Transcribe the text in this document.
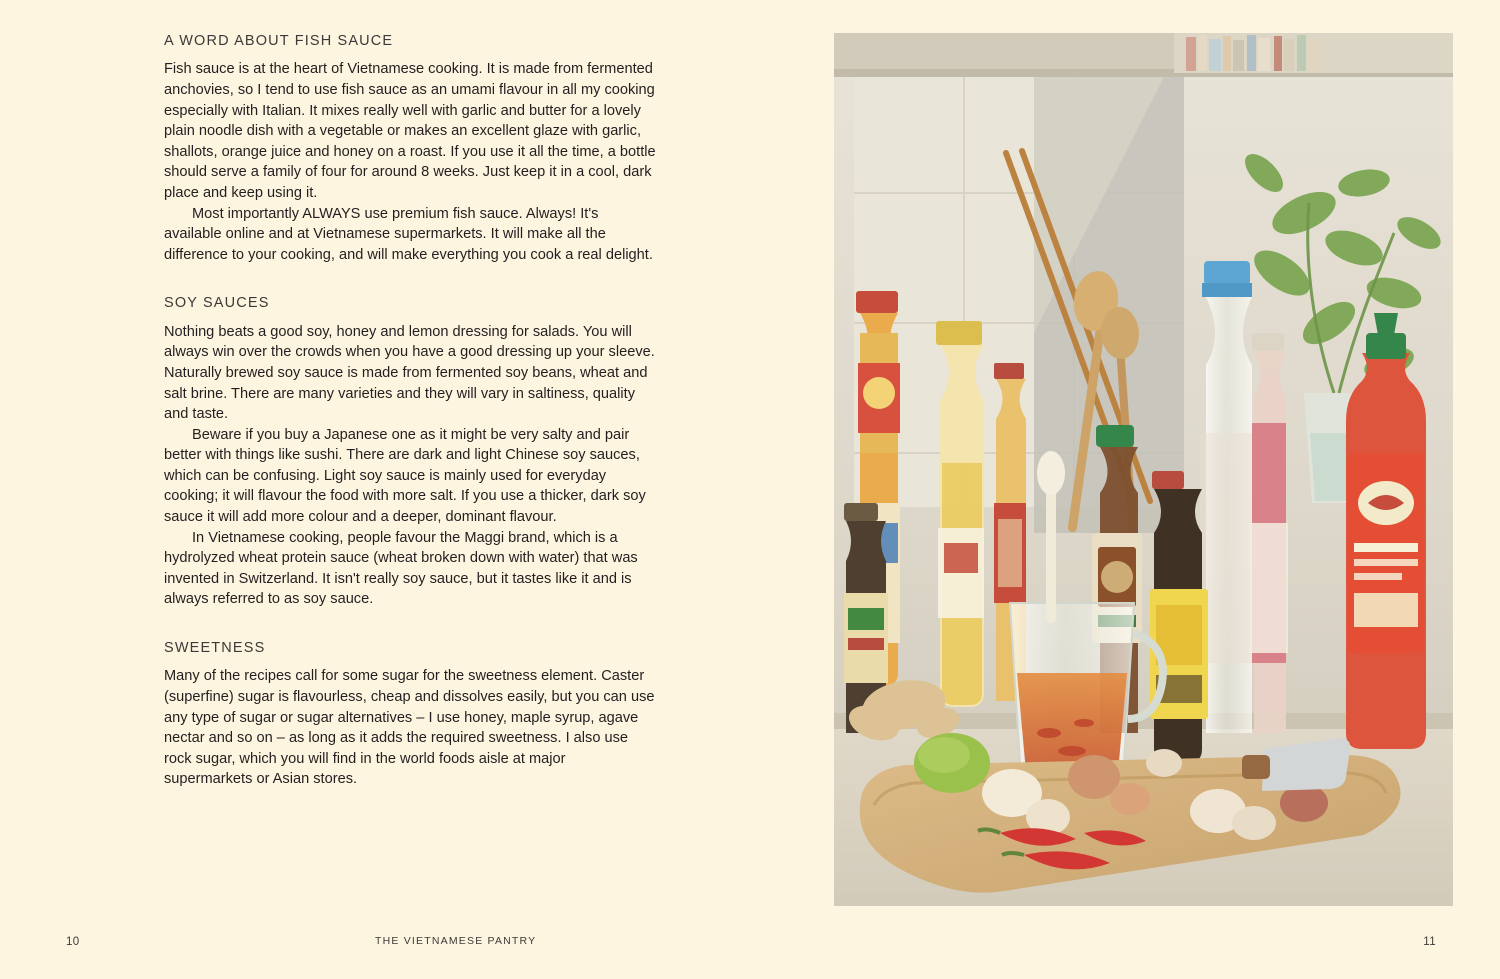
A WORD ABOUT FISH SAUCE

Fish sauce is at the heart of Vietnamese cooking. It is made from fermented anchovies, so I tend to use fish sauce as an umami flavour in all my cooking especially with Italian. It mixes really well with garlic and butter for a lovely plain noodle dish with a vegetable or makes an excellent glaze with garlic, shallots, orange juice and honey on a roast. If you use it all the time, a bottle should serve a family of four for around 8 weeks. Just keep it in a cool, dark place and keep using it.

Most importantly ALWAYS use premium fish sauce. Always! It's available online and at Vietnamese supermarkets. It will make all the difference to your cooking, and will make everything you cook a real delight.

SOY SAUCES

Nothing beats a good soy, honey and lemon dressing for salads. You will always win over the crowds when you have a good dressing up your sleeve. Naturally brewed soy sauce is made from fermented soy beans, wheat and salt brine. There are many varieties and they will vary in saltiness, quality and taste.

Beware if you buy a Japanese one as it might be very salty and pair better with things like sushi. There are dark and light Chinese soy sauces, which can be confusing. Light soy sauce is mainly used for everyday cooking; it will flavour the food with more salt. If you use a thicker, dark soy sauce it will add more colour and a deeper, dominant flavour.

In Vietnamese cooking, people favour the Maggi brand, which is a hydrolyzed wheat protein sauce (wheat broken down with water) that was invented in Switzerland. It isn't really soy sauce, but it tastes like it and is always referred to as soy sauce.

SWEETNESS

Many of the recipes call for some sugar for the sweetness element. Caster (superfine) sugar is flavourless, cheap and dissolves easily, but you can use any type of sugar or sugar alternatives – I use honey, maple syrup, agave nectar and so on – as long as it adds the required sweetness. I also use rock sugar, which you will find in the world foods aisle at major supermarkets or Asian stores.

10	THE VIETNAMESE PANTRY	11
